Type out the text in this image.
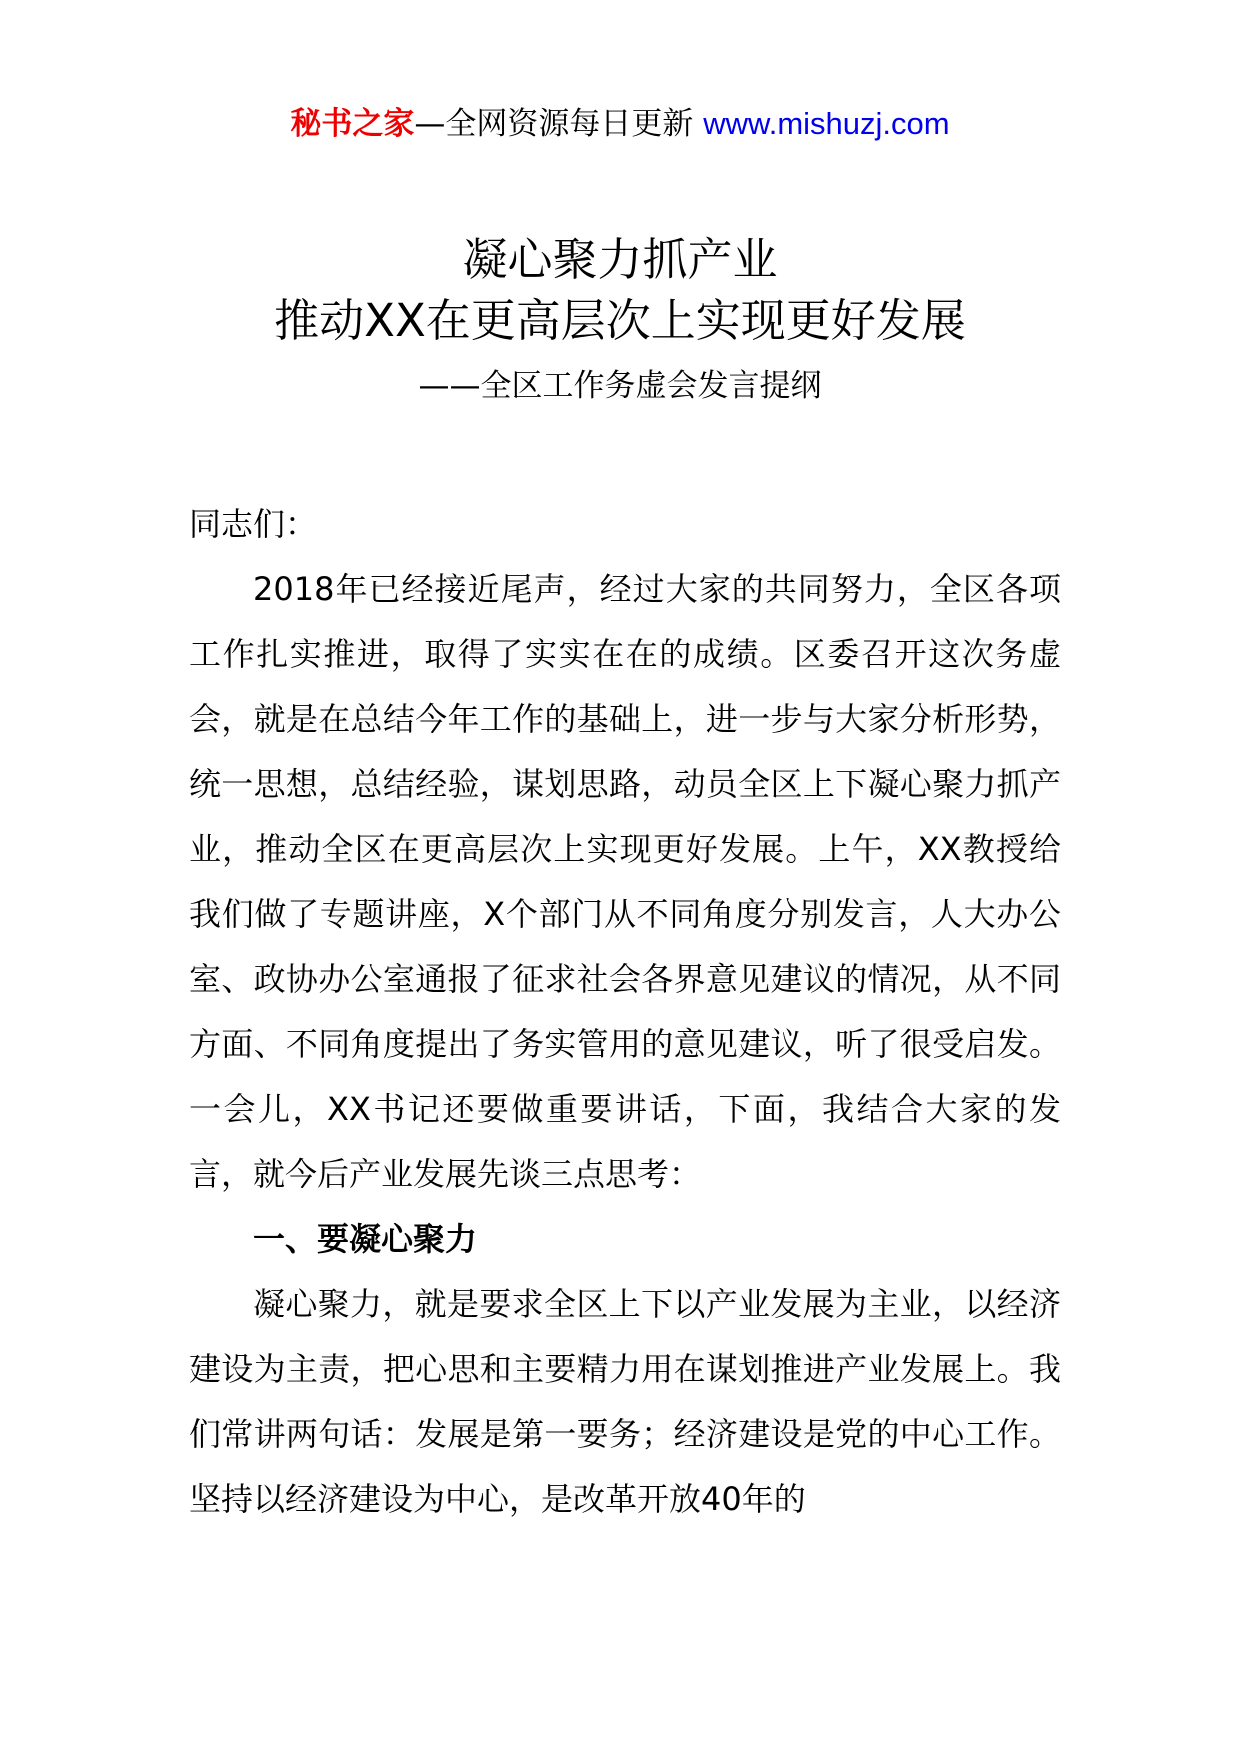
秘书之家—全网资源每日更新 www.mishuzj.com
凝心聚力抓产业
推动XX在更高层次上实现更好发展
——全区工作务虚会发言提纲

同志们：

2018年已经接近尾声，经过大家的共同努力，全区各项工作扎实推进，取得了实实在在的成绩。区委召开这次务虚会，就是在总结今年工作的基础上，进一步与大家分析形势，统一思想，总结经验，谋划思路，动员全区上下凝心聚力抓产业，推动全区在更高层次上实现更好发展。上午，XX教授给我们做了专题讲座，X个部门从不同角度分别发言，人大办公室、政协办公室通报了征求社会各界意见建议的情况，从不同方面、不同角度提出了务实管用的意见建议，听了很受启发。一会儿，XX书记还要做重要讲话，下面，我结合大家的发言，就今后产业发展先谈三点思考：

一、要凝心聚力

凝心聚力，就是要求全区上下以产业发展为主业，以经济建设为主责，把心思和主要精力用在谋划推进产业发展上。我们常讲两句话：发展是第一要务；经济建设是党的中心工作。坚持以经济建设为中心，是改革开放40年的
